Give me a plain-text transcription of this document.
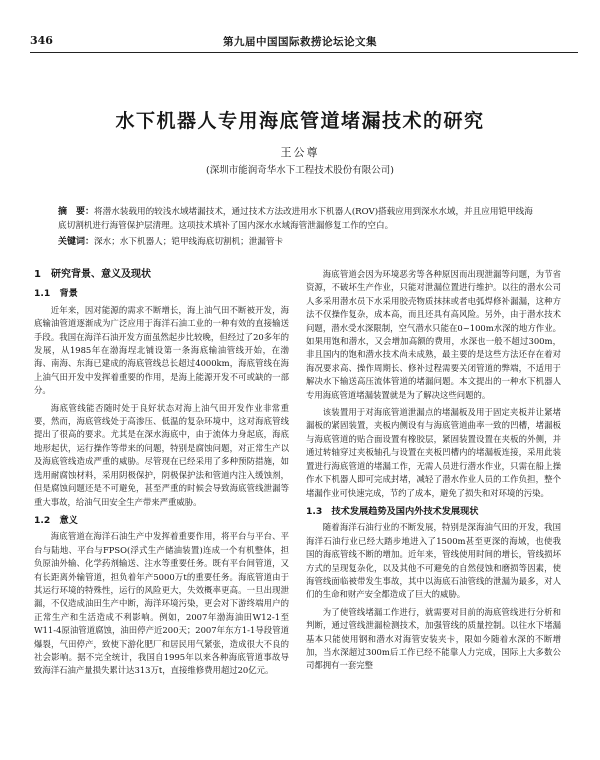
346	第九届中国国际救捞论坛论文集
水下机器人专用海底管道堵漏技术的研究
王公尊
(深圳市能润奇华水下工程技术股份有限公司)
摘　要：将潜水装载用的较浅水域堵漏技术，通过技术方法改进用水下机器人(ROV)搭载应用到深水水域，并且应用铠甲线海底切割机进行海管保护层清理。这项技术填补了国内深水水域海管泄漏修复工作的空白。
关键词：深水；水下机器人；铠甲线海底切割机；泄漏管卡
1　研究背景、意义及现状
1.1　背景

近年来，因对能源的需求不断增长，海上油气田不断被开发，海底输油管道逐渐成为广泛应用于海洋石油工业的一种有效的直接输送手段。我国在海洋石油开发方面虽然起步比较晚，但经过了20多年的发展，从1985年在渤海埕北铺设第一条海底输油管线开始，在渤海、南海、东海已建成的海底管线总长超过4000km，海底管线在海上油气田开发中发挥着重要的作用，是海上能源开发不可或缺的一部分。

海底管线能否随时处于良好状态对海上油气田开发作业非常重要，然而，海底管线处于高渗压、低温的复杂环境中，这对海底管线提出了很高的要求。尤其是在深水海底中，由于流体力身起底，海底地形起伏，运行操作等带来的问题，特别是腐蚀问题，对正常生产以及海底管线造成严重的威胁。尽管现在已经采用了多种预防措施，如选用耐腐蚀材料，采用阴极保护，阴极保护法和管道内注入缓蚀剂，但是腐蚀问题还是不可避免，甚至严重的时候会导致海底管线泄漏等重大事故，给油气田安全生产带来严重威胁。

1.2　意义

海底管道在海洋石油生产中发挥着重要作用，将平台与平台、平台与陆地、平台与FPSO(浮式生产储油装置)连成一个有机整体，担负原油外输、化学药剂输送、注水等重要任务。既有平台间管道，又有长距离外输管道，担负着年产5000万t的重要任务。海底管道由于其运行环境的特殊性，运行的风险更大，失效概率更高。一旦出现泄漏，不仅造成油田生产中断，海洋环境污染，更会对下游终端用户的正常生产和生活造成不利影响。例如，2007年渤海油田W12-1至W11-4原油管道腐蚀，油田停产近200天；2007年东方1-1导段管道爆裂，气田停产，致使下游化肥厂和居民用气紧张，造成很大不良的社会影响。据不完全统计，我国自1995年以来各种海底管道事故导致海洋石油产量损失累计达313万t，直接维修费用超过20亿元。

海底管道会因为环境恶劣等各种原因而出现泄漏等问题，为节省资源，不破坏生产作业，只能对泄漏位置进行维护。以往的潜水公司人多采用潜水员下水采用胶壳物质抹抹或者电弧焊修补漏漏，这种方法不仅操作复杂，成本高，而且还具有高风险。另外，由于潜水技术问题，潜水受水深限制，空气潜水只能在0~100m水深的地方作业。如果用饱和潜水，又会增加高额的费用，水深也一般不超过300m，非且国内的饱和潜水技术尚未成熟，最主要的是这些方法还存在着对海况要求高、操作周期长、修补过程需要关闭管道的弊端，不适用于解决水下输送高压流体管道的堵漏问题。本文提出的一种水下机器人专用海底管道堵漏装置就是为了解决这些问题的。

该装置用于对海底管道泄漏点的堵漏板及用于固定夹板并让紧堵漏板的紧固装置，夹板内侧设有与海底管道曲率一致的凹槽，堵漏板与海底管道的贴合面设置有橡胶层，紧固装置设置在夹板的外侧，并通过转轴穿过夹板轴孔与设置在夹板凹槽内的堵漏板连接，采用此装置进行海底管道的堵漏工作，无需人员进行潜水作业，只需在船上操作水下机器人即可完成封堵，减轻了潜水作业人员的工作负担，整个堵漏作业可快速完成，节约了成本，避免了损失和对环境的污染。

1.3　技术发展趋势及国内外技术发展现状

随着海洋石油行业的不断发展，特别是深海油气田的开发，我国海洋石油行业已经大踏步地进入了1500m甚至更深的海域，也使我国的海底管线不断的增加。近年来，管线使用时间的增长，管线损坏方式的呈现复杂化，以及其他不可避免的自然侵蚀和磨损等因素，使海管线面临被带发生事故，其中以海底石油管线的泄漏为最多，对人们的生命和财产安全都造成了巨大的威胁。

为了使管线堵漏工作进行，就需要对目前的海底管线进行分析和判断，通过管线泄漏检测技术，加强管线的质量控制。以往水下堵漏基本只能使用钢和潜水对海管安装夹卡，限如今随着水深的不断增加，当水深超过300m后工作已经不能靠人力完成，国际上大多数公司都拥有一套完整
